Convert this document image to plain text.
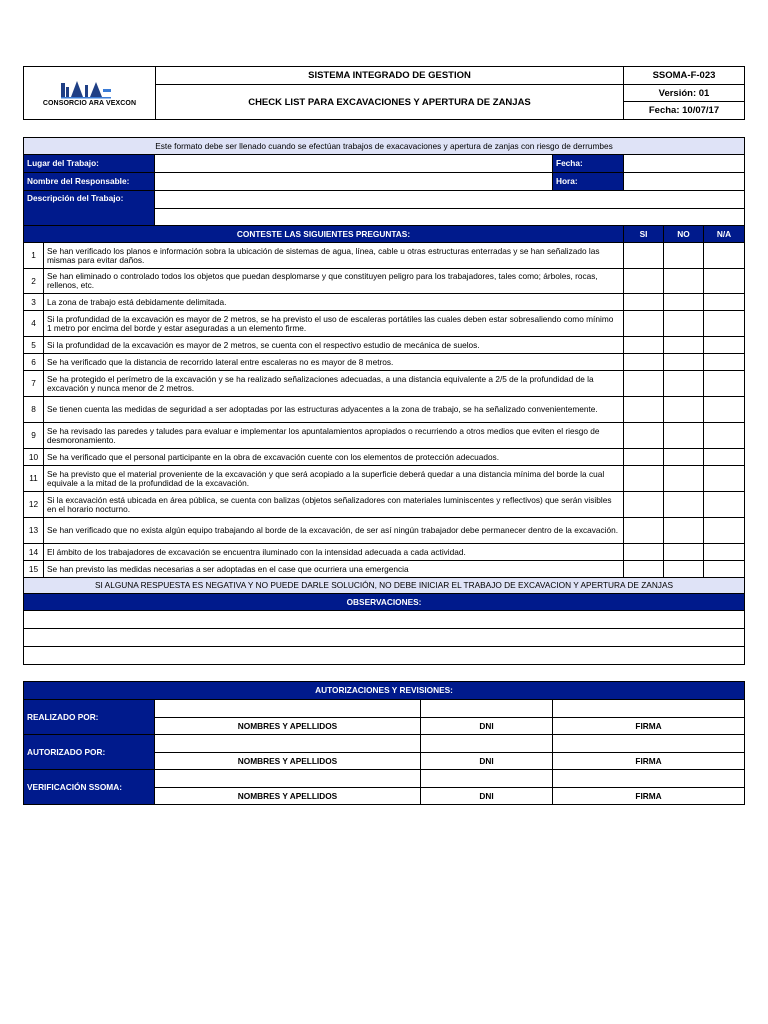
CONSORCIO ARA VEXCON	SISTEMA INTEGRADO DE GESTION	SSOMA-F-023
	CHECK LIST PARA EXCAVACIONES Y APERTURA DE ZANJAS	Versión: 01
		Fecha: 10/07/17
Este formato debe ser llenado cuando se efectúan trabajos de exacavaciones y apertura de zanjas con riesgo de derrumbes							
Lugar del Trabajo:				Fecha:			
Nombre del Responsable:				Hora:			
Descripción del Trabajo:							

CONTESTE LAS SIGUIENTES PREGUNTAS:					SI	NO	N/A
1	Se han verificado los planos e información sobra la ubicación de sistemas de agua, línea, cable u otras estructuras enterradas y se han señalizado las mismas para evitar daños.						
2	Se han eliminado o controlado todos los objetos que puedan desplomarse y que constituyen peligro para los trabajadores, tales como; árboles, rocas, rellenos, etc.						
3	La zona de trabajo está debidamente delimitada.						
4	Si la profundidad de la excavación es mayor de 2 metros, se ha previsto el uso de escaleras portátiles las cuales deben estar sobresaliendo como mínimo 1 metro por encima del borde y estar aseguradas a un elemento firme.						
5	Si la profundidad de la excavación es mayor de 2 metros, se cuenta con el respectivo estudio de mecánica de suelos.						
6	Se ha verificado que la distancia de recorrido lateral entre escaleras no es mayor de 8 metros.						
7	Se ha protegido el perímetro de la excavación y se ha realizado señalizaciones adecuadas, a una distancia equivalente a 2/5 de la profundidad de la excavación y nunca menor de 2 metros.						
8	Se tienen cuenta las medidas de seguridad a ser adoptadas por las estructuras adyacentes a la zona de trabajo, se ha señalizado convenientemente.						
9	Se ha revisado las paredes y taludes para evaluar e implementar los apuntalamientos apropiados o recurriendo a otros medios que eviten el riesgo de desmoronamiento.						
10	Se ha verificado que el personal participante en la obra de excavación cuente con los elementos de protección adecuados.						
11	Se ha previsto que el material proveniente de la excavación y que será acopiado a la superficie deberá quedar a una distancia mínima del borde la cual equivale a la mitad de la profundidad de la excavación.						
12	Si la excavación está ubicada en área pública, se cuenta con balizas (objetos señalizadores con materiales luminiscentes y reflectivos) que serán visibles en el horario nocturno.						
13	Se han verificado que no exista algún equipo trabajando al borde de la excavación, de ser así ningún trabajador debe permanecer dentro de la excavación.						
14	El ámbito de los trabajadores de excavación se encuentra iluminado con la intensidad adecuada a cada actividad.						
15	Se han previsto las medidas necesarias a ser adoptadas en el case que ocurriera una emergencia						
SI ALGUNA RESPUESTA ES NEGATIVA Y NO PUEDE DARLE SOLUCIÓN, NO DEBE INICIAR EL TRABAJO DE EXCAVACION Y APERTURA DE ZANJAS							
OBSERVACIONES:							

AUTORIZACIONES Y REVISIONES:							
REALIZADO POR:							
		NOMBRES Y APELLIDOS	DNI	FIRMA			
AUTORIZADO POR:							
		NOMBRES Y APELLIDOS	DNI	FIRMA			
VERIFICACIÓN SSOMA:							
		NOMBRES Y APELLIDOS	DNI	FIRMA			
